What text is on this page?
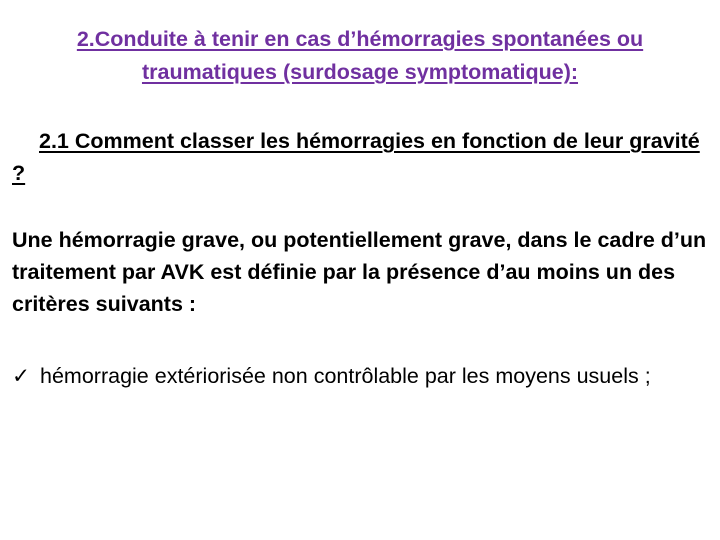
2.Conduite à tenir en cas d’hémorragies spontanées ou
traumatiques (surdosage symptomatique):
2.1 Comment classer les hémorragies en fonction de leur gravité ?
Une hémorragie grave, ou potentiellement grave, dans le cadre d’un traitement par AVK est définie par la présence d’au moins un des critères suivants :
✓ hémorragie extériorisée non contrôlable par les moyens usuels ;
